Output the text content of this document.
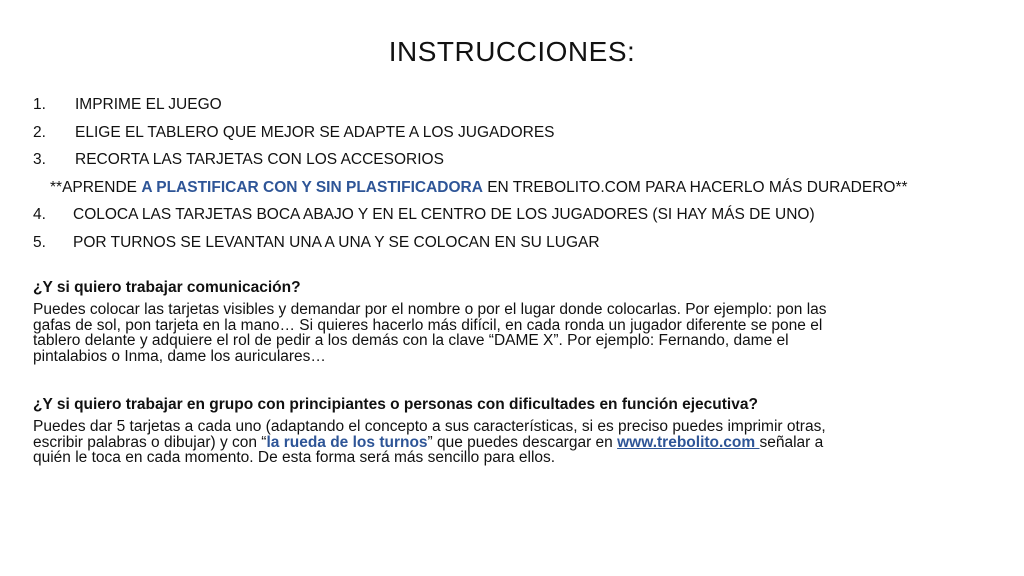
INSTRUCCIONES:
1. IMPRIME EL JUEGO
2. ELIGE EL TABLERO QUE MEJOR SE ADAPTE A LOS JUGADORES
3. RECORTA LAS TARJETAS CON LOS ACCESORIOS
**APRENDE A PLASTIFICAR CON Y SIN PLASTIFICADORA EN TREBOLITO.COM PARA HACERLO MÁS DURADERO**
4. COLOCA LAS TARJETAS BOCA ABAJO Y EN EL CENTRO DE LOS JUGADORES (SI HAY MÁS DE UNO)
5. POR TURNOS SE LEVANTAN UNA A UNA Y SE COLOCAN EN SU LUGAR
¿Y si quiero trabajar comunicación?

Puedes colocar las tarjetas visibles y demandar por el nombre o por el lugar donde colocarlas. Por ejemplo: pon las
gafas de sol, pon tarjeta en la mano… Si quieres hacerlo más difícil, en cada ronda un jugador diferente se pone el
tablero delante y adquiere el rol de pedir a los demás con la clave “DAME X”. Por ejemplo: Fernando, dame el
pintalabios o Inma, dame los auriculares…

¿Y si quiero trabajar en grupo con principiantes o personas con dificultades en función ejecutiva?

Puedes dar 5 tarjetas a cada uno (adaptando el concepto a sus características, si es preciso puedes imprimir otras,
escribir palabras o dibujar) y con “la rueda de los turnos” que puedes descargar en www.trebolito.com señalar a
quién le toca en cada momento. De esta forma será más sencillo para ellos.
